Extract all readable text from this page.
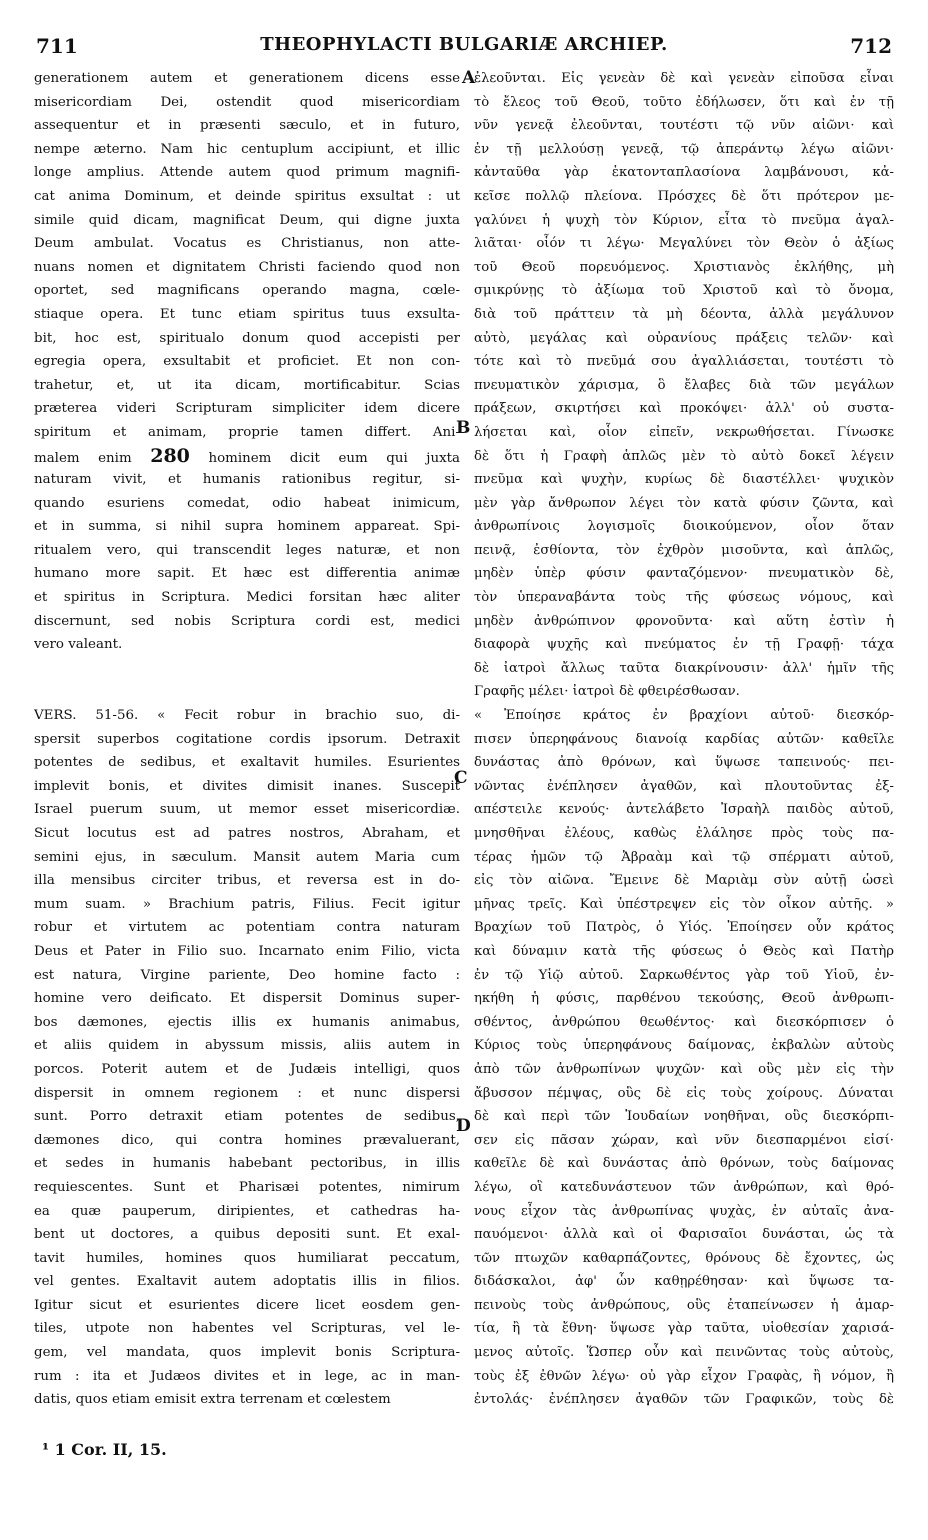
711	THEOPHYLACTI BULGARIÆ ARCHIEP.	712
generationem autem et generationem dicens esse
misericordiam Dei, ostendit quod misericordiam
assequentur et in præsenti sæculo, et in futuro,
nempe æterno. Nam hic centuplum accipiunt, et illic
longe amplius. Attende autem quod primum magnifi-
cat anima Dominum, et deinde spiritus exsultat : ut
simile quid dicam, magnificat Deum, qui digne juxta
Deum ambulat. Vocatus es Christianus, non atte-
nuans nomen et dignitatem Christi faciendo quod non
oportet, sed magnificans operando magna, cœle-
stiaque opera. Et tunc etiam spiritus tuus exsulta-
bit, hoc est, spiritualo donum quod accepisti per
egregia opera, exsultabit et proficiet. Et non con-
trahetur, et, ut ita dicam, mortificabitur. Scias
præterea videri Scripturam simpliciter idem dicere
spiritum et animam, proprie tamen differt. Ani-
malem enim 280 hominem dicit eum qui juxta
naturam vivit, et humanis rationibus regitur, si-
quando esuriens comedat, odio habeat inimicum,
et in summa, si nihil supra hominem appareat. Spi-
ritualem vero, qui transcendit leges naturæ, et non
humano more sapit. Et hæc est differentia animæ
et spiritus in Scriptura. Medici forsitan hæc aliter
discernunt, sed nobis Scriptura cordi est, medici
vero valeant.
VERS. 51-56. « Fecit robur in brachio suo, di-
spersit superbos cogitatione cordis ipsorum. Detraxit
potentes de sedibus, et exaltavit humiles. Esurientes
implevit bonis, et divites dimisit inanes. Suscepit
Israel puerum suum, ut memor esset misericordiæ.
Sicut locutus est ad patres nostros, Abraham, et
semini ejus, in sæculum. Mansit autem Maria cum
illa mensibus circiter tribus, et reversa est in do-
mum suam. » Brachium patris, Filius. Fecit igitur
robur et virtutem ac potentiam contra naturam
Deus et Pater in Filio suo. Incarnato enim Filio, victa
est natura, Virgine pariente, Deo homine facto :
homine vero deificato. Et dispersit Dominus super-
bos dæmones, ejectis illis ex humanis animabus,
et aliis quidem in abyssum missis, aliis autem in
porcos. Poterit autem et de Judæis intelligi, quos
dispersit in omnem regionem : et nunc dispersi
sunt. Porro detraxit etiam potentes de sedibus,
dæmones dico, qui contra homines prævaluerant,
et sedes in humanis habebant pectoribus, in illis
requiescentes. Sunt et Pharisæi potentes, nimirum
ea quæ pauperum, diripientes, et cathedras ha-
bent ut doctores, a quibus depositi sunt. Et exal-
tavit humiles, homines quos humiliarat peccatum,
vel gentes. Exaltavit autem adoptatis illis in filios.
Igitur sicut et esurientes dicere licet eosdem gen-
tiles, utpote non habentes vel Scripturas, vel le-
gem, vel mandata, quos implevit bonis Scriptura-
rum : ita et Judæos divites et in lege, ac in man-
datis, quos etiam emisit extra terrenam et cœlestem
ἐλεοῦνται. Εἰς γενεὰν δὲ καὶ γενεὰν εἰποῦσα εἶναι
τὸ ἔλεος τοῦ Θεοῦ, τοῦτο ἐδήλωσεν, ὅτι καὶ ἐν τῇ
νῦν γενεᾷ ἐλεοῦνται, τουτέστι τῷ νῦν αἰῶνι· καὶ
ἐν τῇ μελλούσῃ γενεᾷ, τῷ ἀπεράντῳ λέγω αἰῶνι·
κἀνταῦθα γὰρ ἑκατονταπλασίονα λαμβάνουσι, κἀ-
κεῖσε πολλῷ πλείονα. Πρόσχες δὲ ὅτι πρότερον με-
γαλύνει ἡ ψυχὴ τὸν Κύριον, εἶτα τὸ πνεῦμα ἀγαλ-
λιᾶται· οἷόν τι λέγω· Μεγαλύνει τὸν Θεὸν ὁ ἀξίως
τοῦ Θεοῦ πορευόμενος. Χριστιανὸς ἐκλήθης, μὴ
σμικρύνῃς τὸ ἀξίωμα τοῦ Χριστοῦ καὶ τὸ ὄνομα,
διὰ τοῦ πράττειν τὰ μὴ δέοντα, ἀλλὰ μεγάλυνον
αὐτὸ, μεγάλας καὶ οὐρανίους πράξεις τελῶν· καὶ
τότε καὶ τὸ πνεῦμά σου ἀγαλλιάσεται, τουτέστι τὸ
πνευματικὸν χάρισμα, ὃ ἔλαβες διὰ τῶν μεγάλων
πράξεων, σκιρτήσει καὶ προκόψει· ἀλλ' οὐ συστα-
λήσεται καὶ, οἷον εἰπεῖν, νεκρωθήσεται. Γίνωσκε
δὲ ὅτι ἡ Γραφὴ ἁπλῶς μὲν τὸ αὐτὸ δοκεῖ λέγειν
πνεῦμα καὶ ψυχὴν, κυρίως δὲ διαστέλλει· ψυχικὸν
μὲν γὰρ ἄνθρωπον λέγει τὸν κατὰ φύσιν ζῶντα, καὶ
ἀνθρωπίνοις λογισμοῖς διοικούμενον, οἷον ὅταν
πεινᾷ, ἐσθίοντα, τὸν ἐχθρὸν μισοῦντα, καὶ ἁπλῶς,
μηδὲν ὑπὲρ φύσιν φανταζόμενον· πνευματικὸν δὲ,
τὸν ὑπεραναβάντα τοὺς τῆς φύσεως νόμους, καὶ
μηδὲν ἀνθρώπινον φρονοῦντα· καὶ αὕτη ἐστὶν ἡ
διαφορὰ ψυχῆς καὶ πνεύματος ἐν τῇ Γραφῇ· τάχα
δὲ ἰατροὶ ἄλλως ταῦτα διακρίνουσιν· ἀλλ' ἡμῖν τῆς
Γραφῆς μέλει· ἰατροὶ δὲ φθειρέσθωσαν.
« Ἐποίησε κράτος ἐν βραχίονι αὐτοῦ· διεσκόρ-
πισεν ὑπερηφάνους διανοίᾳ καρδίας αὐτῶν· καθεῖλε
δυνάστας ἀπὸ θρόνων, καὶ ὕψωσε ταπεινούς· πει-
νῶντας ἐνέπλησεν ἀγαθῶν, καὶ πλουτοῦντας ἐξ-
απέστειλε κενούς· ἀντελάβετο Ἰσραὴλ παιδὸς αὐτοῦ,
μνησθῆναι ἐλέους, καθὼς ἐλάλησε πρὸς τοὺς πα-
τέρας ἡμῶν τῷ Ἀβραὰμ καὶ τῷ σπέρματι αὐτοῦ,
εἰς τὸν αἰῶνα. Ἔμεινε δὲ Μαριὰμ σὺν αὐτῇ ὡσεὶ
μῆνας τρεῖς. Καὶ ὑπέστρεψεν εἰς τὸν οἶκον αὐτῆς. »
Βραχίων τοῦ Πατρὸς, ὁ Υἱός. Ἐποίησεν οὖν κράτος
καὶ δύναμιν κατὰ τῆς φύσεως ὁ Θεὸς καὶ Πατὴρ
ἐν τῷ Υἱῷ αὐτοῦ. Σαρκωθέντος γὰρ τοῦ Υἱοῦ, ἐν-
ηκήθη ἡ φύσις, παρθένου τεκούσης, Θεοῦ ἀνθρωπι-
σθέντος, ἀνθρώπου θεωθέντος· καὶ διεσκόρπισεν ὁ
Κύριος τοὺς ὑπερηφάνους δαίμονας, ἐκβαλὼν αὐτοὺς
ἀπὸ τῶν ἀνθρωπίνων ψυχῶν· καὶ οὓς μὲν εἰς τὴν
ἄβυσσον πέμψας, οὓς δὲ εἰς τοὺς χοίρους. Δύναται
δὲ καὶ περὶ τῶν Ἰουδαίων νοηθῆναι, οὓς διεσκόρπι-
σεν εἰς πᾶσαν χώραν, καὶ νῦν διεσπαρμένοι εἰσί·
καθεῖλε δὲ καὶ δυνάστας ἀπὸ θρόνων, τοὺς δαίμονας
λέγω, οἳ κατεδυνάστευον τῶν ἀνθρώπων, καὶ θρό-
νους εἶχον τὰς ἀνθρωπίνας ψυχὰς, ἐν αὐταῖς ἀνα-
παυόμενοι· ἀλλὰ καὶ οἱ Φαρισαῖοι δυνάσται, ὡς τὰ
τῶν πτωχῶν καθαρπάζοντες, θρόνους δὲ ἔχοντες, ὡς
διδάσκαλοι, ἀφ' ὧν καθῃρέθησαν· καὶ ὕψωσε τα-
πεινοὺς τοὺς ἀνθρώπους, οὓς ἐταπείνωσεν ἡ ἁμαρ-
τία, ἢ τὰ ἔθνη· ὕψωσε γὰρ ταῦτα, υἱοθεσίαν χαρισά-
μενος αὐτοῖς. Ὥσπερ οὖν καὶ πεινῶντας τοὺς αὐτοὺς,
τοὺς ἐξ ἐθνῶν λέγω· οὐ γὰρ εἶχον Γραφὰς, ἢ νόμον, ἢ
ἐντολάς· ἐνέπλησεν ἀγαθῶν τῶν Γραφικῶν, τοὺς δὲ
A
B
C
D
¹ 1 Cor. II, 15.
